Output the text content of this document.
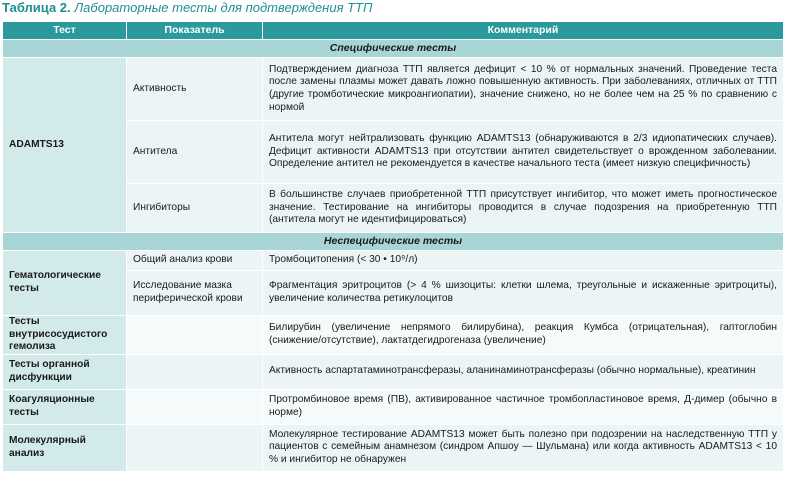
Таблица 2. Лабораторные тесты для подтверждения ТТП
Тест	Показатель	Комментарий
Специфические тесты		
ADAMTS13	Активность	Подтверждением диагноза ТТП является дефицит < 10 % от нормальных значений. Проведение теста после замены плазмы может давать ложно повышенную активность. При заболеваниях, отличных от ТТП (другие тромботические микроангиопатии), значение снижено, но не более чем на 25 % по сравнению с нормой
	Антитела	Антитела могут нейтрализовать функцию ADAMTS13 (обнаруживаются в 2/3 идиопатических случаев). Дефицит активности ADAMTS13 при отсутствии антител свидетельствует о врожденном заболевании. Определение антител не рекомендуется в качестве начального теста (имеет низкую специфичность)
	Ингибиторы	В большинстве случаев приобретенной ТТП присутствует ингибитор, что может иметь прогностическое значение. Тестирование на ингибиторы проводится в случае подозрения на приобретенную ТТП (антитела могут не идентифицироваться)
Неспецифические тесты		
Гематологические тесты	Общий анализ крови	Тромбоцитопения (< 30 • 10⁹/л)
	Исследование мазка периферической крови	Фрагментация эритроцитов (> 4 % шизоциты: клетки шлема, треугольные и искаженные эритроциты), увеличение количества ретикулоцитов
Тесты внутрисосудистого гемолиза		Билирубин (увеличение непрямого билирубина), реакция Кумбса (отрицательная), гаптоглобин (снижение/отсутствие), лактатдегидрогеназа (увеличение)
Тесты органной дисфункции		Активность аспартатаминотрансферазы, аланинаминотрансферазы (обычно нормальные), креатинин
Коагуляционные тесты		Протромбиновое время (ПВ), активированное частичное тромбопластиновое время, Д-димер (обычно в норме)
Молекулярный анализ		Молекулярное тестирование ADAMTS13 может быть полезно при подозрении на наследственную ТТП у пациентов с семейным анамнезом (синдром Апшоу — Шульмана) или когда активность ADAMTS13 < 10 % и ингибитор не обнаружен
